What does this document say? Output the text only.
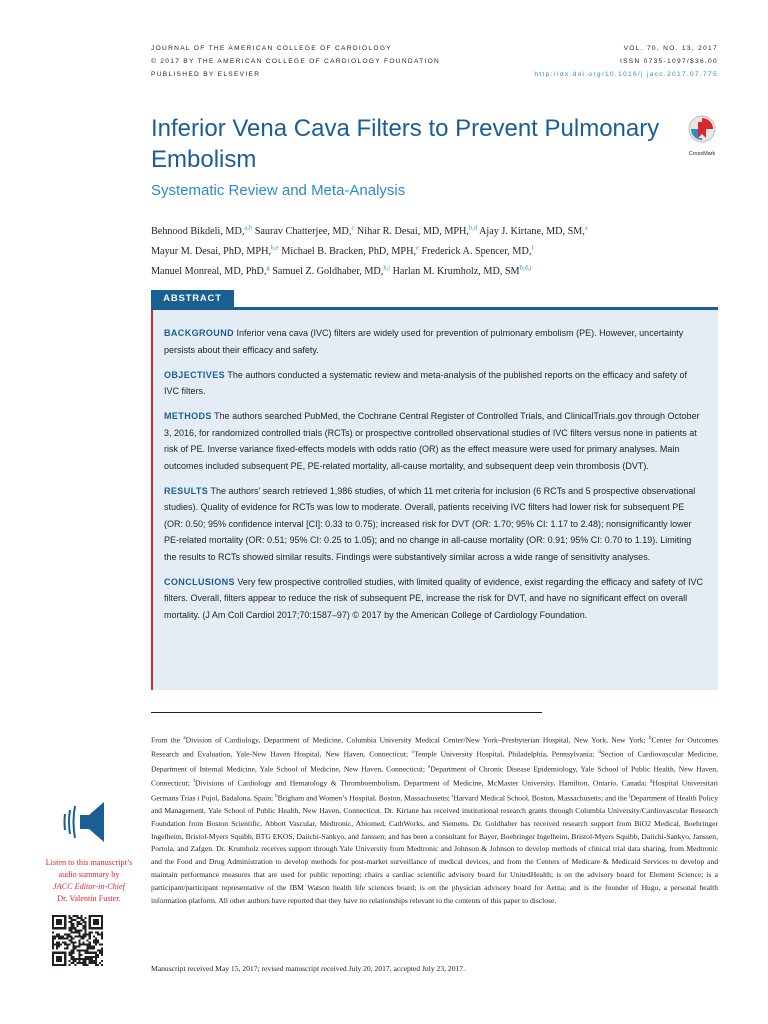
JOURNAL OF THE AMERICAN COLLEGE OF CARDIOLOGY
© 2017 BY THE AMERICAN COLLEGE OF CARDIOLOGY FOUNDATION
PUBLISHED BY ELSEVIER
VOL. 70, NO. 13, 2017
ISSN 0735-1097/$36.00
http://dx.doi.org/10.1016/j.jacc.2017.07.775
Inferior Vena Cava Filters to Prevent Pulmonary Embolism
Systematic Review and Meta-Analysis
CrossMark
Behnood Bikdeli, MD,$^{a,b}$ Saurav Chatterjee, MD,$^c$ Nihar R. Desai, MD, MPH,$^{b,d}$ Ajay J. Kirtane, MD, SM,$^a$
Mayur M. Desai, PhD, MPH,$^{b,e}$ Michael B. Bracken, PhD, MPH,$^e$ Frederick A. Spencer, MD,$^f$
Manuel Monreal, MD, PhD,$^g$ Samuel Z. Goldhaber, MD,$^{h,i}$ Harlan M. Krumholz, MD, SM$^{b,d,j}$
ABSTRACT

BACKGROUND Inferior vena cava (IVC) filters are widely used for prevention of pulmonary embolism (PE). However, uncertainty persists about their efficacy and safety.

OBJECTIVES The authors conducted a systematic review and meta-analysis of the published reports on the efficacy and safety of IVC filters.

METHODS The authors searched PubMed, the Cochrane Central Register of Controlled Trials, and ClinicalTrials.gov through October 3, 2016, for randomized controlled trials (RCTs) or prospective controlled observational studies of IVC filters versus none in patients at risk of PE. Inverse variance fixed-effects models with odds ratio (OR) as the effect measure were used for primary analyses. Main outcomes included subsequent PE, PE-related mortality, all-cause mortality, and subsequent deep vein thrombosis (DVT).

RESULTS The authors’ search retrieved 1,986 studies, of which 11 met criteria for inclusion (6 RCTs and 5 prospective observational studies). Quality of evidence for RCTs was low to moderate. Overall, patients receiving IVC filters had lower risk for subsequent PE (OR: 0.50; 95% confidence interval [CI]: 0.33 to 0.75); increased risk for DVT (OR: 1.70; 95% CI: 1.17 to 2.48); nonsignificantly lower PE-related mortality (OR: 0.51; 95% CI: 0.25 to 1.05); and no change in all-cause mortality (OR: 0.91; 95% CI: 0.70 to 1.19). Limiting the results to RCTs showed similar results. Findings were substantively similar across a wide range of sensitivity analyses.

CONCLUSIONS Very few prospective controlled studies, with limited quality of evidence, exist regarding the efficacy and safety of IVC filters. Overall, filters appear to reduce the risk of subsequent PE, increase the risk for DVT, and have no significant effect on overall mortality. (J Am Coll Cardiol 2017;70:1587–97) © 2017 by the American College of Cardiology Foundation.

Listen to this manuscript’s
audio summary by
JACC Editor-in-Chief
Dr. Valentin Fuster.

From the $^a$Division of Cardiology, Department of Medicine, Columbia University Medical Center/New York–Presbyterian Hospital, New York, New York; $^b$Center for Outcomes Research and Evaluation, Yale-New Haven Hospital, New Haven, Connecticut; $^c$Temple University Hospital, Philadelphia, Pennsylvania; $^d$Section of Cardiovascular Medicine, Department of Internal Medicine, Yale School of Medicine, New Haven, Connecticut; $^e$Department of Chronic Disease Epidemiology, Yale School of Public Health, New Haven, Connecticut; $^f$Divisions of Cardiology and Hematology & Thromboembolism, Department of Medicine, McMaster University, Hamilton, Ontario, Canada; $^g$Hospital Universitari Germans Trias i Pujol, Badalona, Spain; $^h$Brigham and Women’s Hospital, Boston, Massachusetts; $^i$Harvard Medical School, Boston, Massachusetts; and the $^j$Department of Health Policy and Management, Yale School of Public Health, New Haven, Connecticut. Dr. Kirtane has received institutional research grants through Columbia University/Cardiovascular Research Foundation from Boston Scientific, Abbott Vascular, Medtronic, Abiomed, CathWorks, and Siemens. Dr. Goldhaber has received research support from BiO2 Medical, Boehringer Ingelheim, Bristol-Myers Squibb, BTG EKOS, Daiichi-Sankyo, and Janssen; and has been a consultant for Bayer, Boehringer Ingelheim, Bristol-Myers Squibb, Daiichi-Sankyo, Janssen, Portola, and Zafgen. Dr. Krumholz receives support through Yale University from Medtronic and Johnson & Johnson to develop methods of clinical trial data sharing, from Medtronic and the Food and Drug Administration to develop methods for post-market surveillance of medical devices, and from the Centers of Medicare & Medicaid Services to develop and maintain performance measures that are used for public reporting; chairs a cardiac scientific advisory board for UnitedHealth; is on the advisory board for Element Science; is a participant/participant representative of the IBM Watson health life sciences board; is on the physician advisory board for Aetna; and is the founder of Hugo, a personal health information platform. All other authors have reported that they have no relationships relevant to the contents of this paper to disclose.

Manuscript received May 15, 2017; revised manuscript received July 20, 2017, accepted July 23, 2017.
